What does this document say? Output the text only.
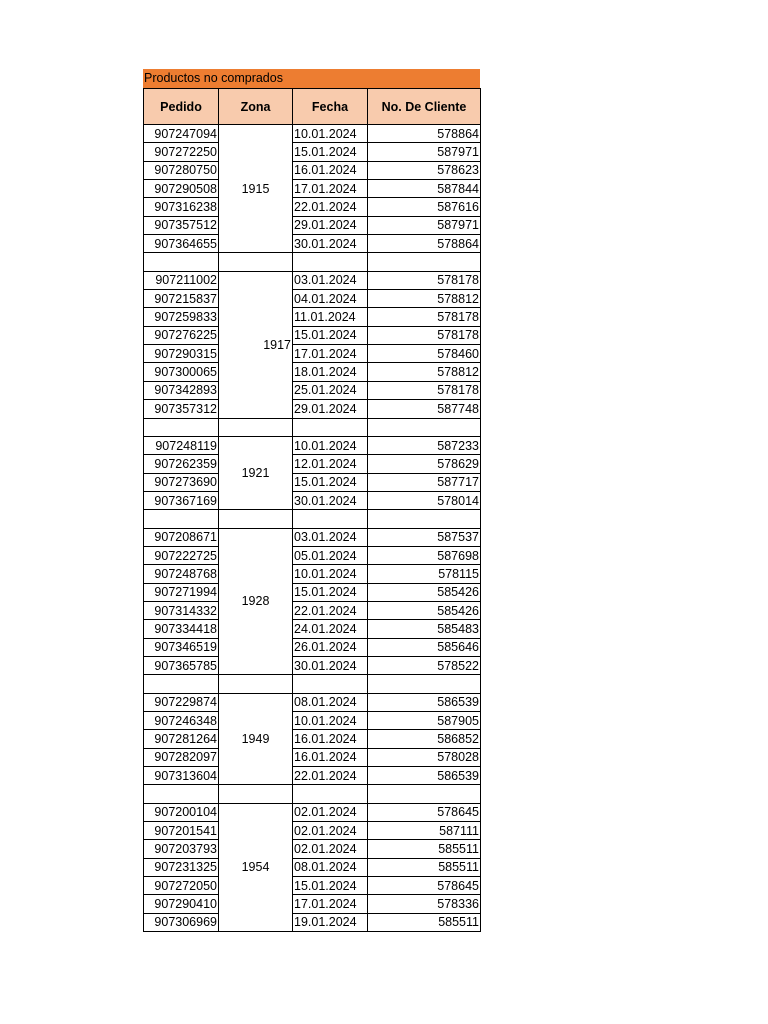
Productos no comprados
Pedido	Zona	Fecha	No. De Cliente
907247094	1915	10.01.2024	578864
907272250		15.01.2024	587971
907280750		16.01.2024	578623
907290508		17.01.2024	587844
907316238		22.01.2024	587616
907357512		29.01.2024	587971
907364655		30.01.2024	578864

907211002	1917	03.01.2024	578178
907215837		04.01.2024	578812
907259833		11.01.2024	578178
907276225		15.01.2024	578178
907290315		17.01.2024	578460
907300065		18.01.2024	578812
907342893		25.01.2024	578178
907357312		29.01.2024	587748

907248119	1921	10.01.2024	587233
907262359		12.01.2024	578629
907273690		15.01.2024	587717
907367169		30.01.2024	578014

907208671	1928	03.01.2024	587537
907222725		05.01.2024	587698
907248768		10.01.2024	578115
907271994		15.01.2024	585426
907314332		22.01.2024	585426
907334418		24.01.2024	585483
907346519		26.01.2024	585646
907365785		30.01.2024	578522

907229874	1949	08.01.2024	586539
907246348		10.01.2024	587905
907281264		16.01.2024	586852
907282097		16.01.2024	578028
907313604		22.01.2024	586539

907200104	1954	02.01.2024	578645
907201541		02.01.2024	587111
907203793		02.01.2024	585511
907231325		08.01.2024	585511
907272050		15.01.2024	578645
907290410		17.01.2024	578336
907306969		19.01.2024	585511
